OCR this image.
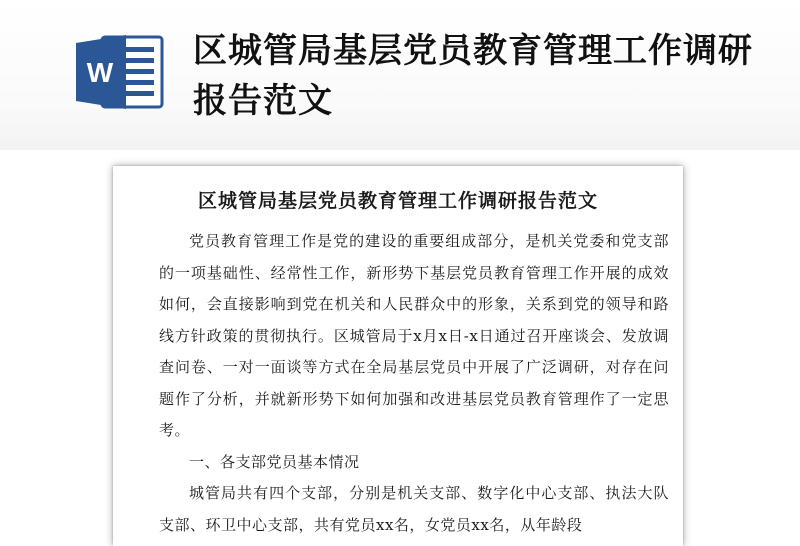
W
区城管局基层党员教育管理工作调研报告范文
区城管局基层党员教育管理工作调研报告范文

党员教育管理工作是党的建设的重要组成部分，是机关党委和党支部的一项基础性、经常性工作，新形势下基层党员教育管理工作开展的成效如何，会直接影响到党在机关和人民群众中的形象，关系到党的领导和路线方针政策的贯彻执行。区城管局于x月x日-x日通过召开座谈会、发放调查问卷、一对一面谈等方式在全局基层党员中开展了广泛调研，对存在问题作了分析，并就新形势下如何加强和改进基层党员教育管理作了一定思考。

一、各支部党员基本情况

城管局共有四个支部，分别是机关支部、数字化中心支部、执法大队支部、环卫中心支部，共有党员xx名，女党员xx名，从年龄段
